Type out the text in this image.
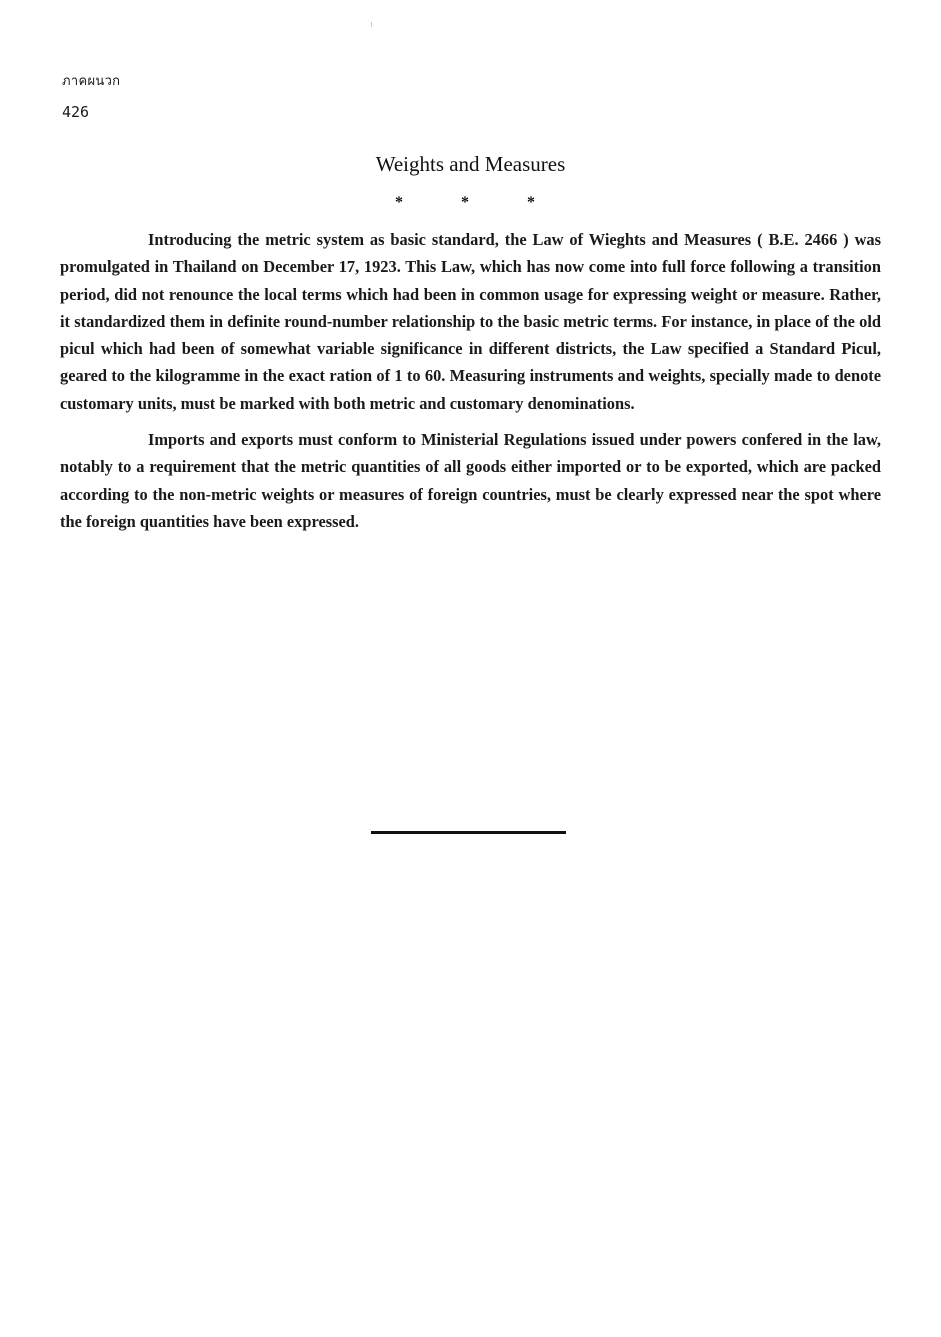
ภาคผนวก
426
Weights and Measures
*	*	*

Introducing the metric system as basic standard, the Law of Wieghts and Measures ( B.E. 2466 ) was promulgated in Thailand on December 17, 1923. This Law, which has now come into full force following a transition period, did not renounce the local terms which had been in common usage for expressing weight or measure. Rather, it standardized them in definite round-number relationship to the basic metric terms. For instance, in place of the old picul which had been of somewhat variable significance in different districts, the Law specified a Standard Picul, geared to the kilogramme in the exact ration of 1 to 60. Measuring instruments and weights, specially made to denote customary units, must be marked with both metric and customary denominations.

Imports and exports must conform to Ministerial Regulations issued under powers confered in the law, notably to a requirement that the metric quantities of all goods either imported or to be exported, which are packed according to the non-metric weights or measures of foreign countries, must be clearly expressed near the spot where the foreign quantities have been expressed.
